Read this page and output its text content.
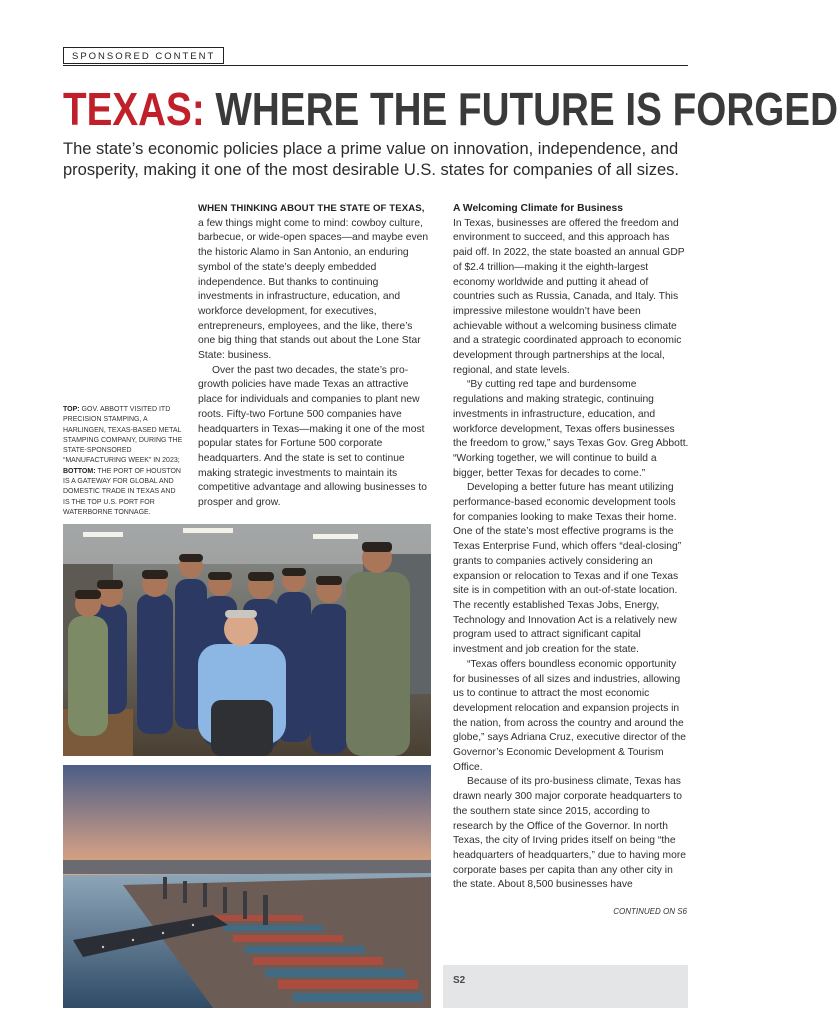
SPONSORED CONTENT
TEXAS: WHERE THE FUTURE IS FORGED

The state’s economic policies place a prime value on innovation, independence, and prosperity, making it one of the most desirable U.S. states for companies of all sizes.

TOP: GOV. ABBOTT VISITED ITD PRECISION STAMPING, A HARLINGEN, TEXAS-BASED METAL STAMPING COMPANY, DURING THE STATE-SPONSORED “MANUFACTURING WEEK” IN 2023; BOTTOM: THE PORT OF HOUSTON IS A GATEWAY FOR GLOBAL AND DOMESTIC TRADE IN TEXAS AND IS THE TOP U.S. PORT FOR WATERBORNE TONNAGE.

WHEN THINKING ABOUT THE STATE OF TEXAS, a few things might come to mind: cowboy culture, barbecue, or wide-open spaces—and maybe even the historic Alamo in San Antonio, an enduring symbol of the state’s deeply embedded independence. But thanks to continuing investments in infrastructure, education, and workforce development, for executives, entrepreneurs, employees, and the like, there’s one big thing that stands out about the Lone Star State: business.

Over the past two decades, the state’s pro-growth policies have made Texas an attractive place for individuals and companies to plant new roots. Fifty-two Fortune 500 companies have headquarters in Texas—making it one of the most popular states for Fortune 500 corporate headquarters. And the state is set to continue making strategic investments to maintain its competitive advantage and allowing businesses to prosper and grow.

A Welcoming Climate for Business

In Texas, businesses are offered the freedom and environment to succeed, and this approach has paid off. In 2022, the state boasted an annual GDP of $2.4 trillion—making it the eighth-largest economy worldwide and putting it ahead of countries such as Russia, Canada, and Italy. This impressive milestone wouldn’t have been achievable without a welcoming business climate and a strategic coordinated approach to economic development through partnerships at the local, regional, and state levels.

“By cutting red tape and burdensome regulations and making strategic, continuing investments in infrastructure, education, and workforce development, Texas offers businesses the freedom to grow,” says Texas Gov. Greg Abbott. “Working together, we will continue to build a bigger, better Texas for decades to come.”

Developing a better future has meant utilizing performance-based economic development tools for companies looking to make Texas their home. One of the state’s most effective programs is the Texas Enterprise Fund, which offers “deal-closing” grants to companies actively considering an expansion or relocation to Texas and if one Texas site is in competition with an out-of-state location. The recently established Texas Jobs, Energy, Technology and Innovation Act is a relatively new program used to attract significant capital investment and job creation for the state.

“Texas offers boundless economic opportunity for businesses of all sizes and industries, allowing us to continue to attract the most economic development relocation and expansion projects in the nation, from across the country and around the globe,” says Adriana Cruz, executive director of the Governor’s Economic Development & Tourism Office.

Because of its pro-business climate, Texas has drawn nearly 300 major corporate headquarters to the southern state since 2015, according to research by the Office of the Governor. In north Texas, the city of Irving prides itself on being “the headquarters of headquarters,” due to having more corporate bases per capita than any other city in the state. About 8,500 businesses have

CONTINUED ON S6
S2
